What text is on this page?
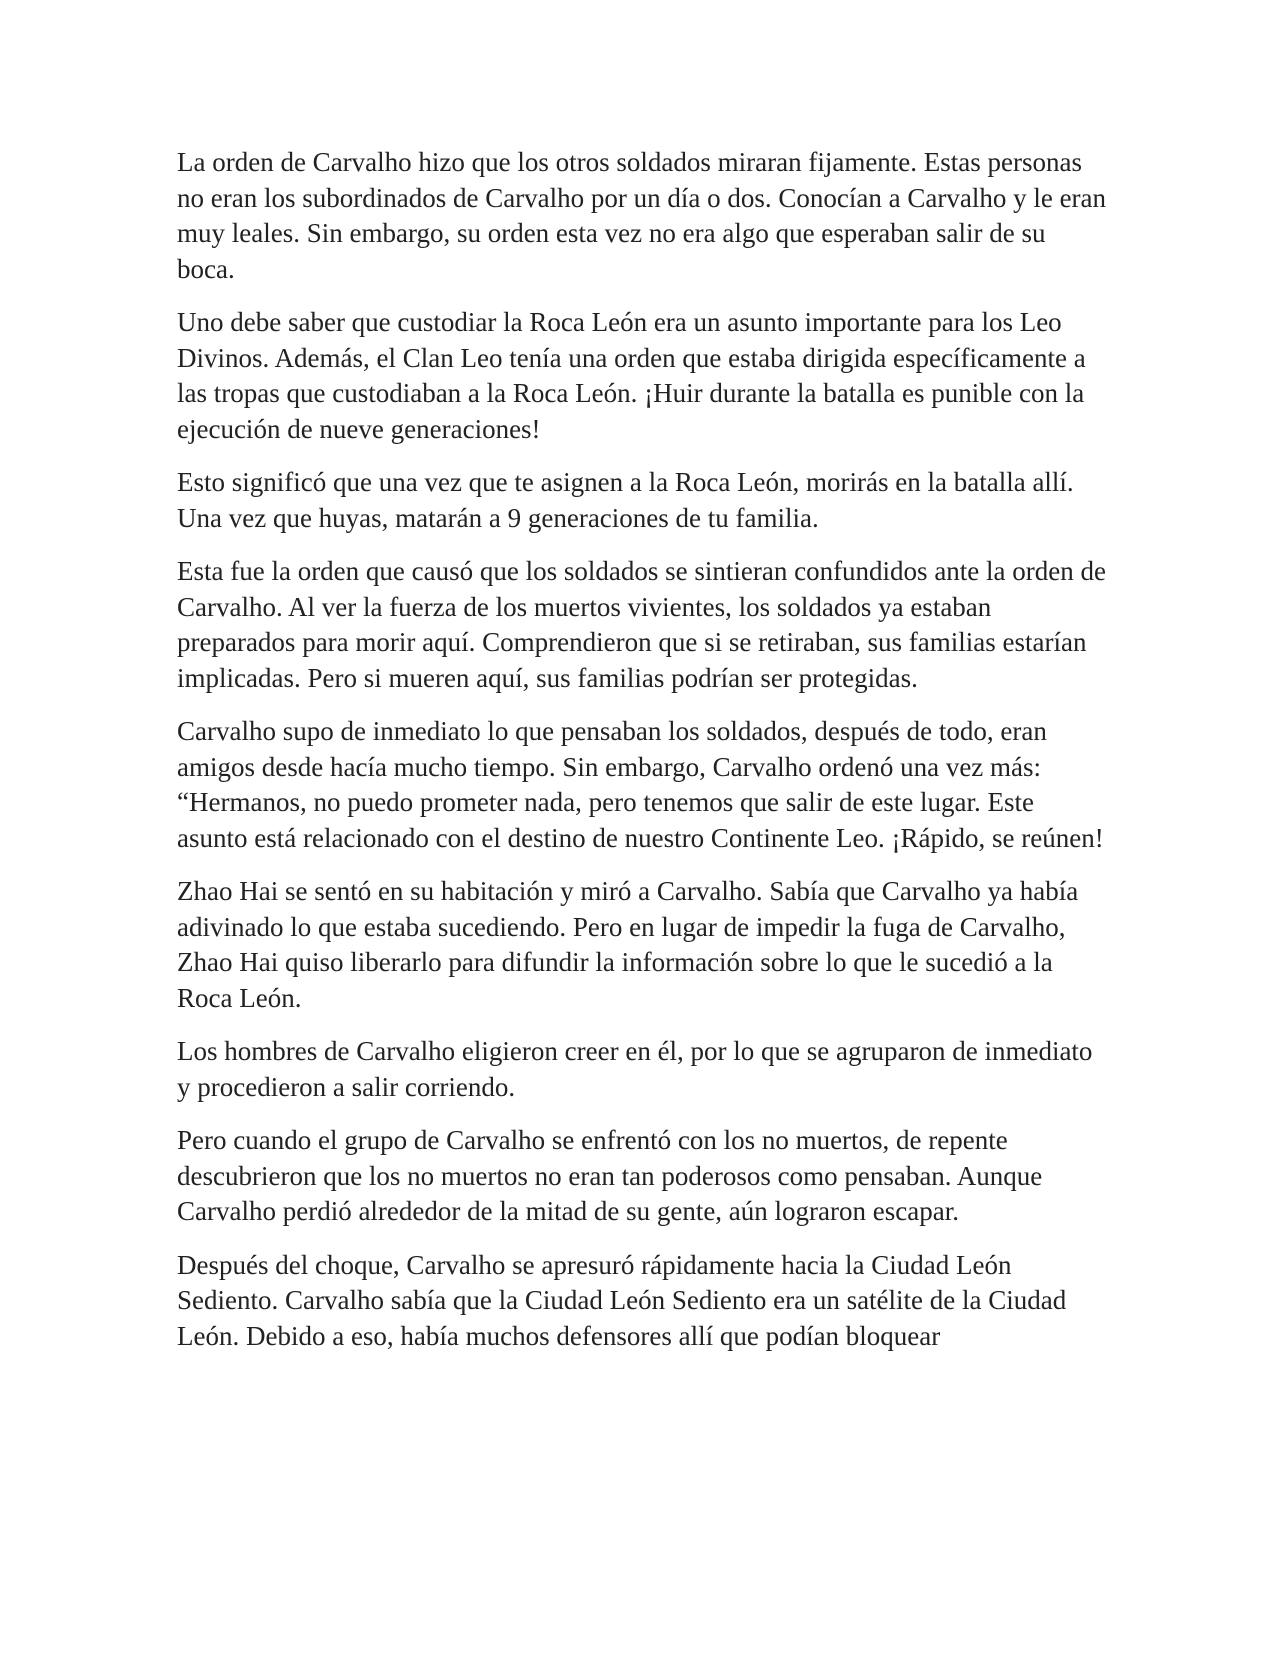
La orden de Carvalho hizo que los otros soldados miraran fijamente. Estas personas no eran los subordinados de Carvalho por un día o dos. Conocían a Carvalho y le eran muy leales. Sin embargo, su orden esta vez no era algo que esperaban salir de su boca.

Uno debe saber que custodiar la Roca León era un asunto importante para los Leo Divinos. Además, el Clan Leo tenía una orden que estaba dirigida específicamente a las tropas que custodiaban a la Roca León. ¡Huir durante la batalla es punible con la ejecución de nueve generaciones!

Esto significó que una vez que te asignen a la Roca León, morirás en la batalla allí. Una vez que huyas, matarán a 9 generaciones de tu familia.

Esta fue la orden que causó que los soldados se sintieran confundidos ante la orden de Carvalho. Al ver la fuerza de los muertos vivientes, los soldados ya estaban preparados para morir aquí. Comprendieron que si se retiraban, sus familias estarían implicadas. Pero si mueren aquí, sus familias podrían ser protegidas.

Carvalho supo de inmediato lo que pensaban los soldados, después de todo, eran amigos desde hacía mucho tiempo. Sin embargo, Carvalho ordenó una vez más: “Hermanos, no puedo prometer nada, pero tenemos que salir de este lugar. Este asunto está relacionado con el destino de nuestro Continente Leo. ¡Rápido, se reúnen!

Zhao Hai se sentó en su habitación y miró a Carvalho. Sabía que Carvalho ya había adivinado lo que estaba sucediendo. Pero en lugar de impedir la fuga de Carvalho, Zhao Hai quiso liberarlo para difundir la información sobre lo que le sucedió a la Roca León.

Los hombres de Carvalho eligieron creer en él, por lo que se agruparon de inmediato y procedieron a salir corriendo.

Pero cuando el grupo de Carvalho se enfrentó con los no muertos, de repente descubrieron que los no muertos no eran tan poderosos como pensaban. Aunque Carvalho perdió alrededor de la mitad de su gente, aún lograron escapar.

Después del choque, Carvalho se apresuró rápidamente hacia la Ciudad León Sediento. Carvalho sabía que la Ciudad León Sediento era un satélite de la Ciudad León. Debido a eso, había muchos defensores allí que podían bloquear
